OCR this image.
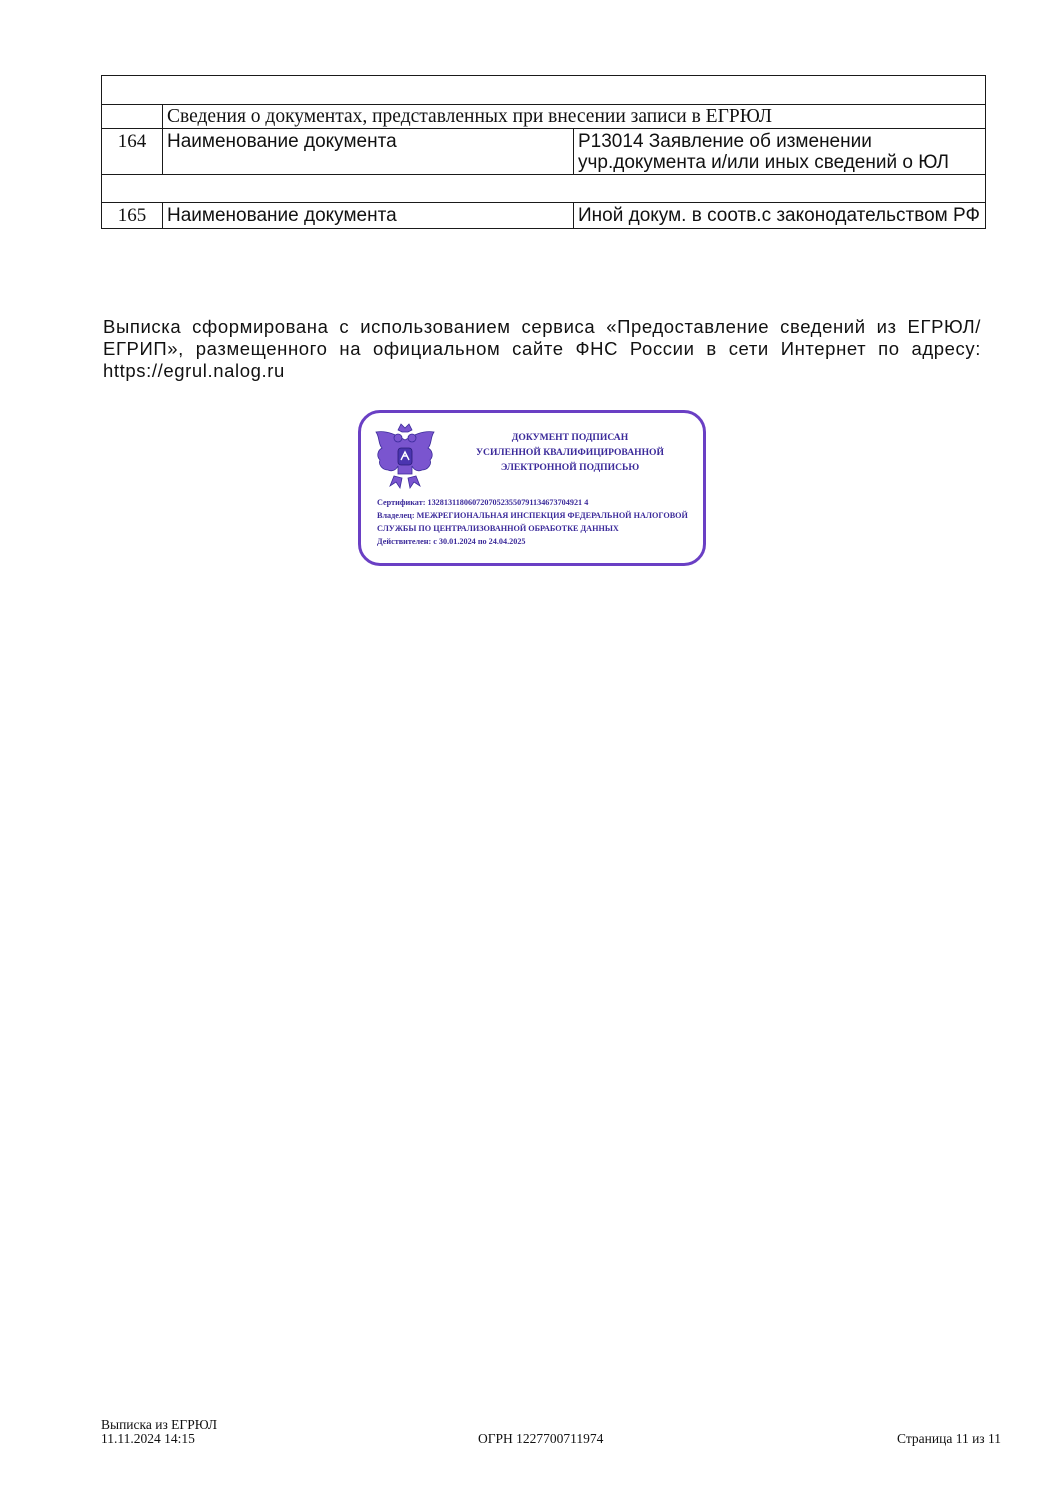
	Сведения о документах, представленных при внесении записи в ЕГРЮЛ	
164	Наименование документа	Р13014 Заявление об изменении учр.документа и/или иных сведений о ЮЛ

165	Наименование документа	Иной докум. в соотв.с законодательством РФ
Выписка сформирована с использованием сервиса «Предоставление сведений из ЕГРЮЛ/ЕГРИП», размещенного на официальном сайте ФНС России в сети Интернет по адресу: https://egrul.nalog.ru
ДОКУМЕНТ ПОДПИСАН
УСИЛЕННОЙ КВАЛИФИЦИРОВАННОЙ
ЭЛЕКТРОННОЙ ПОДПИСЬЮ
Сертификат: 13281311806072070523550791134673704921 4
Владелец: МЕЖРЕГИОНАЛЬНАЯ ИНСПЕКЦИЯ ФЕДЕРАЛЬНОЙ НАЛОГОВОЙ СЛУЖБЫ ПО ЦЕНТРАЛИЗОВАННОЙ ОБРАБОТКЕ ДАННЫХ
Действителен: с 30.01.2024 по 24.04.2025
Выписка из ЕГРЮЛ
11.11.2024 14:15	ОГРН 1227700711974	Страница 11 из 11
